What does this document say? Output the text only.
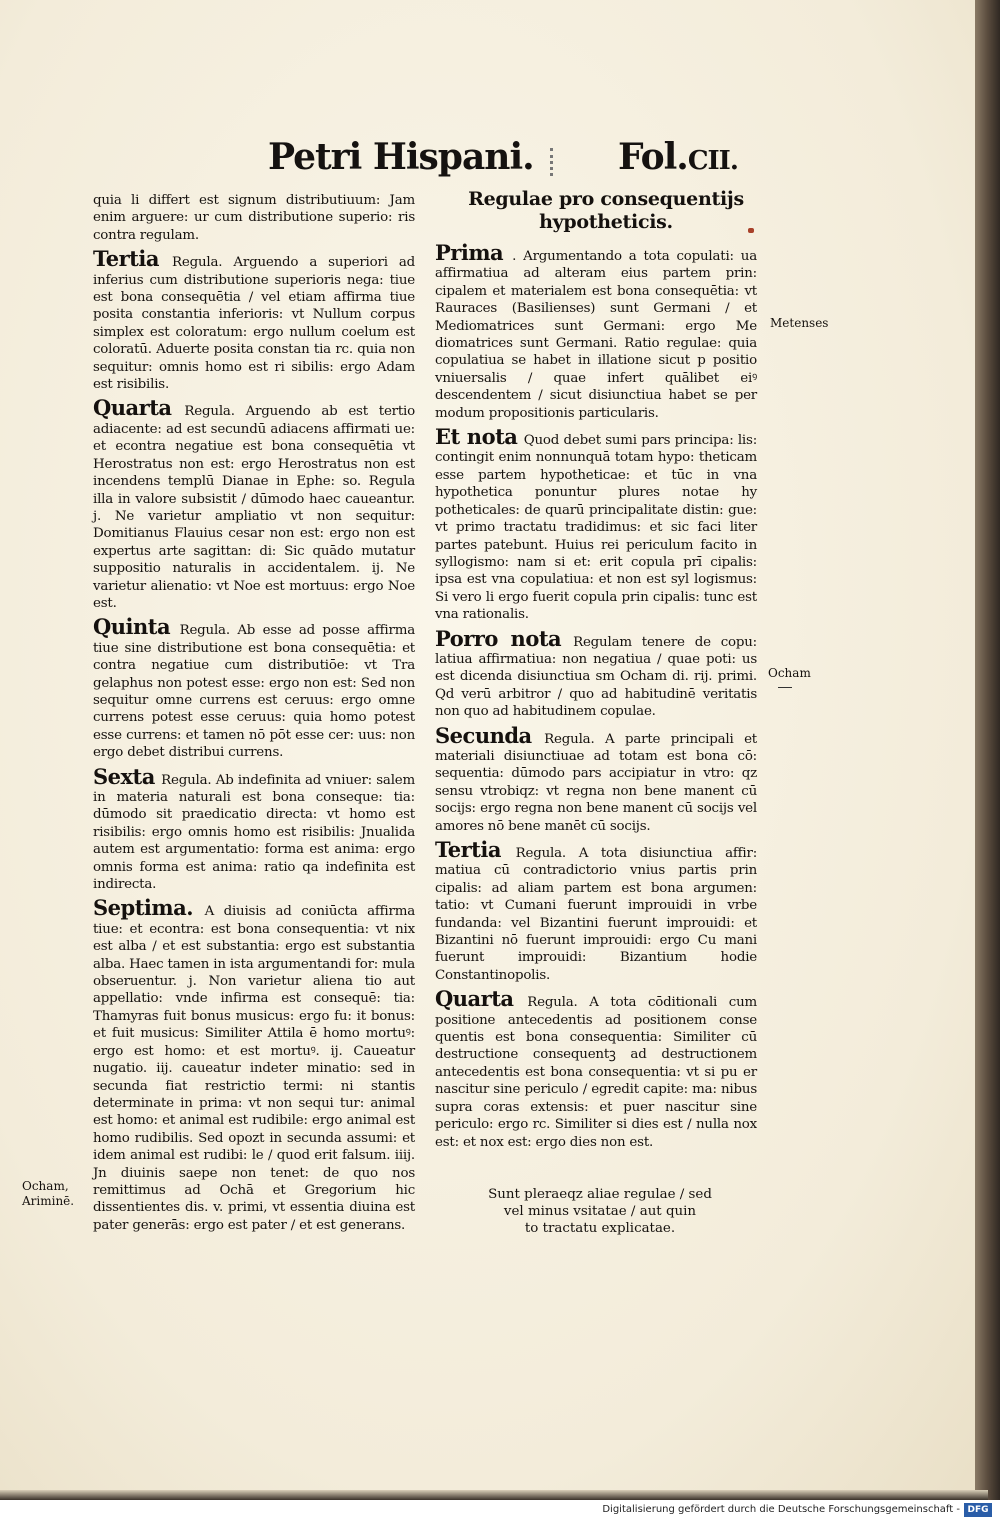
Petri Hispani. Fol.CII.

quia li differt est signum distributiuum: Jam enim arguere: ur cum distributione superio: ris contra regulam.

Tertia Regula. Arguendo a superiori ad inferius cum distributione superioris nega: tiue est bona consequētia / vel etiam affirma tiue posita constantia inferioris: vt Nullum corpus simplex est coloratum: ergo nullum coelum est coloratū. Aduerte posita constan tia rc. quia non sequitur: omnis homo est ri sibilis: ergo Adam est risibilis.

Quarta Regula. Arguendo ab est tertio adiacente: ad est secundū adiacens affirmati ue: et econtra negatiue est bona consequētia vt Herostratus non est: ergo Herostratus non est incendens templū Dianae in Ephe: so. Regula illa in valore subsistit / dūmodo haec caueantur. j. Ne varietur ampliatio vt non sequitur: Domitianus Flauius cesar non est: ergo non est expertus arte sagittan: di: Sic quādo mutatur suppositio naturalis in accidentalem. ij. Ne varietur alienatio: vt Noe est mortuus: ergo Noe est.

Quinta Regula. Ab esse ad posse affirma tiue sine distributione est bona consequētia: et contra negatiue cum distributiōe: vt Tra gelaphus non potest esse: ergo non est: Sed non sequitur omne currens est ceruus: ergo omne currens potest esse ceruus: quia homo potest esse currens: et tamen nō pōt esse cer: uus: non ergo debet distribui currens.

Sexta Regula. Ab indefinita ad vniuer: salem in materia naturali est bona conseque: tia: dūmodo sit praedicatio directa: vt homo est risibilis: ergo omnis homo est risibilis: Jnualida autem est argumentatio: forma est anima: ergo omnis forma est anima: ratio qa indefinita est indirecta.

Septima. A diuisis ad coniūcta affirma tiue: et econtra: est bona consequentia: vt nix est alba / et est substantia: ergo est substantia alba. Haec tamen in ista argumentandi for: mula obseruentur. j. Non varietur aliena tio aut appellatio: vnde infirma est consequē: tia: Thamyras fuit bonus musicus: ergo fu: it bonus: et fuit musicus: Similiter Attila ē homo mortuꝰ: ergo est homo: et est mortuꝰ. ij. Caueatur nugatio. iij. caueatur indeter minatio: sed in secunda fiat restrictio termi: ni stantis determinate in prima: vt non sequi tur: animal est homo: et animal est rudibile: ergo animal est homo rudibilis. Sed opozt in secunda assumi: et idem animal est rudibi: le / quod erit falsum. iiij. Jn diuinis saepe non tenet: de quo nos remittimus ad Ochā et Gregorium hic dissentientes dis. v. primi, vt essentia diuina est pater generās: ergo est pater / et est generans.

Regulae pro consequentijs
hypotheticis.

Prima . Argumentando a tota copulati: ua affirmatiua ad alteram eius partem prin: cipalem et materialem est bona consequētia: vt Rauraces (Basilienses) sunt Germani / et Mediomatrices sunt Germani: ergo Me diomatrices sunt Germani. Ratio regulae: quia copulatiua se habet in illatione sicut p positio vniuersalis / quae infert quālibet eiꝰ descendentem / sicut disiunctiua habet se per modum propositionis particularis.

Et nota Quod debet sumi pars principa: lis: contingit enim nonnunquā totam hypo: theticam esse partem hypotheticae: et tūc in vna hypothetica ponuntur plures notae hy potheticales: de quarū principalitate distin: gue: vt primo tractatu tradidimus: et sic faci liter partes patebunt. Huius rei periculum facito in syllogismo: nam si et: erit copula prī cipalis: ipsa est vna copulatiua: et non est syl logismus: Si vero li ergo fuerit copula prin cipalis: tunc est vna rationalis.

Porro nota Regulam tenere de copu: latiua affirmatiua: non negatiua / quae poti: us est dicenda disiunctiua sm Ocham di. rij. primi. Qd verū arbitror / quo ad habitudinē veritatis non quo ad habitudinem copulae.

Secunda Regula. A parte principali et materiali disiunctiuae ad totam est bona cō: sequentia: dūmodo pars accipiatur in vtro: qz sensu vtrobiqz: vt regna non bene manent cū socijs: ergo regna non bene manent cū socijs vel amores nō bene manēt cū socijs.

Tertia Regula. A tota disiunctiua affir: matiua cū contradictorio vnius partis prin cipalis: ad aliam partem est bona argumen: tatio: vt Cumani fuerunt improuidi in vrbe fundanda: vel Bizantini fuerunt improuidi: et Bizantini nō fuerunt improuidi: ergo Cu mani fuerunt improuidi: Bizantium hodie Constantinopolis.

Quarta Regula. A tota cōditionali cum positione antecedentis ad positionem conse quentis est bona consequentia: Similiter cū destructione consequentꝫ ad destructionem antecedentis est bona consequentia: vt si pu er nascitur sine periculo / egredit capite: ma: nibus supra coras extensis: et puer nascitur sine periculo: ergo rc. Similiter si dies est / nulla nox est: et nox est: ergo dies non est.

Sunt pleraeqz aliae regulae / sed
vel minus vsitatae / aut quin
to tractatu explicatae.
Metenses
Ocham
Ocham,
Ariminē.
Digitalisierung gefördert durch die Deutsche Forschungsgemeinschaft - DFG
